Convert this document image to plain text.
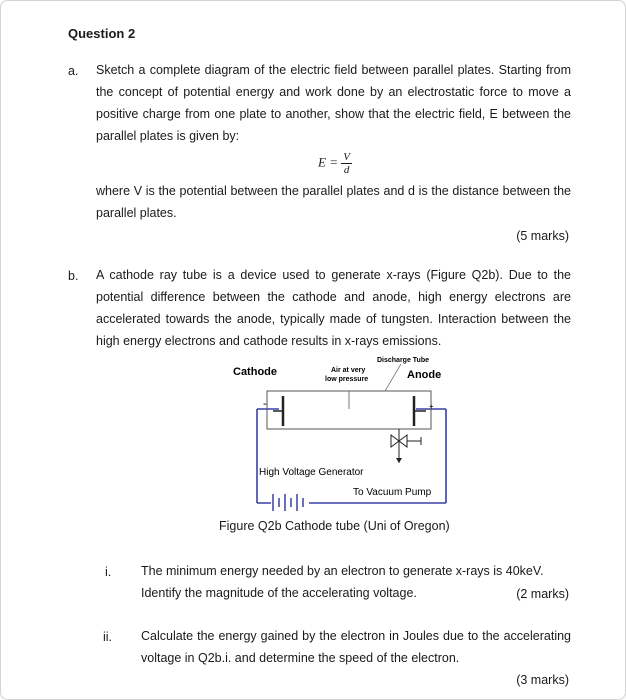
Question 2
a. Sketch a complete diagram of the electric field between parallel plates. Starting from
the concept of potential energy and work done by an electrostatic force to move a
positive charge from one plate to another, show that the electric field, E between the
parallel plates is given by:
$E = \frac{V}{d}$
where V is the potential between the parallel plates and d is the distance between the
parallel plates.
(5 marks)
b. A cathode ray tube is a device used to generate x-rays (Figure Q2b). Due to the
potential difference between the cathode and anode, high energy electrons are
accelerated towards the anode, typically made of tungsten. Interaction between the
high energy electrons and cathode results in x-rays emissions.
-	+
Cathode	Anode
Discharge Tube
Air at very
low pressure
High Voltage Generator
To Vacuum Pump
Figure Q2b Cathode tube (Uni of Oregon)
i. The minimum energy needed by an electron to generate x-rays is 40keV.
Identify the magnitude of the accelerating voltage.	(2 marks)
ii. Calculate the energy gained by the electron in Joules due to the accelerating
voltage in Q2b.i. and determine the speed of the electron.
(3 marks)
